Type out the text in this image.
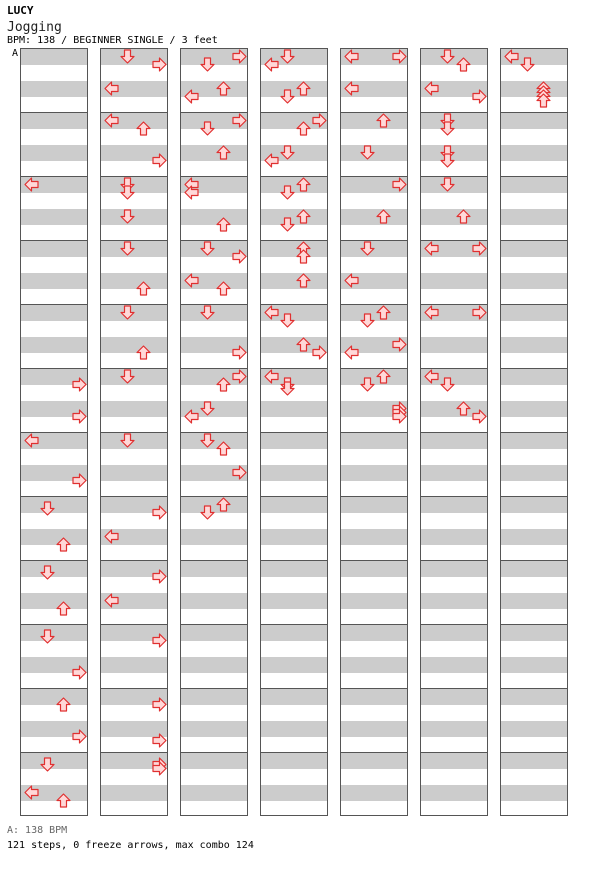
LUCY
Jogging
BPM: 138 / BEGINNER SINGLE / 3 feet
A
A: 138 BPM
121 steps, 0 freeze arrows, max combo 124
